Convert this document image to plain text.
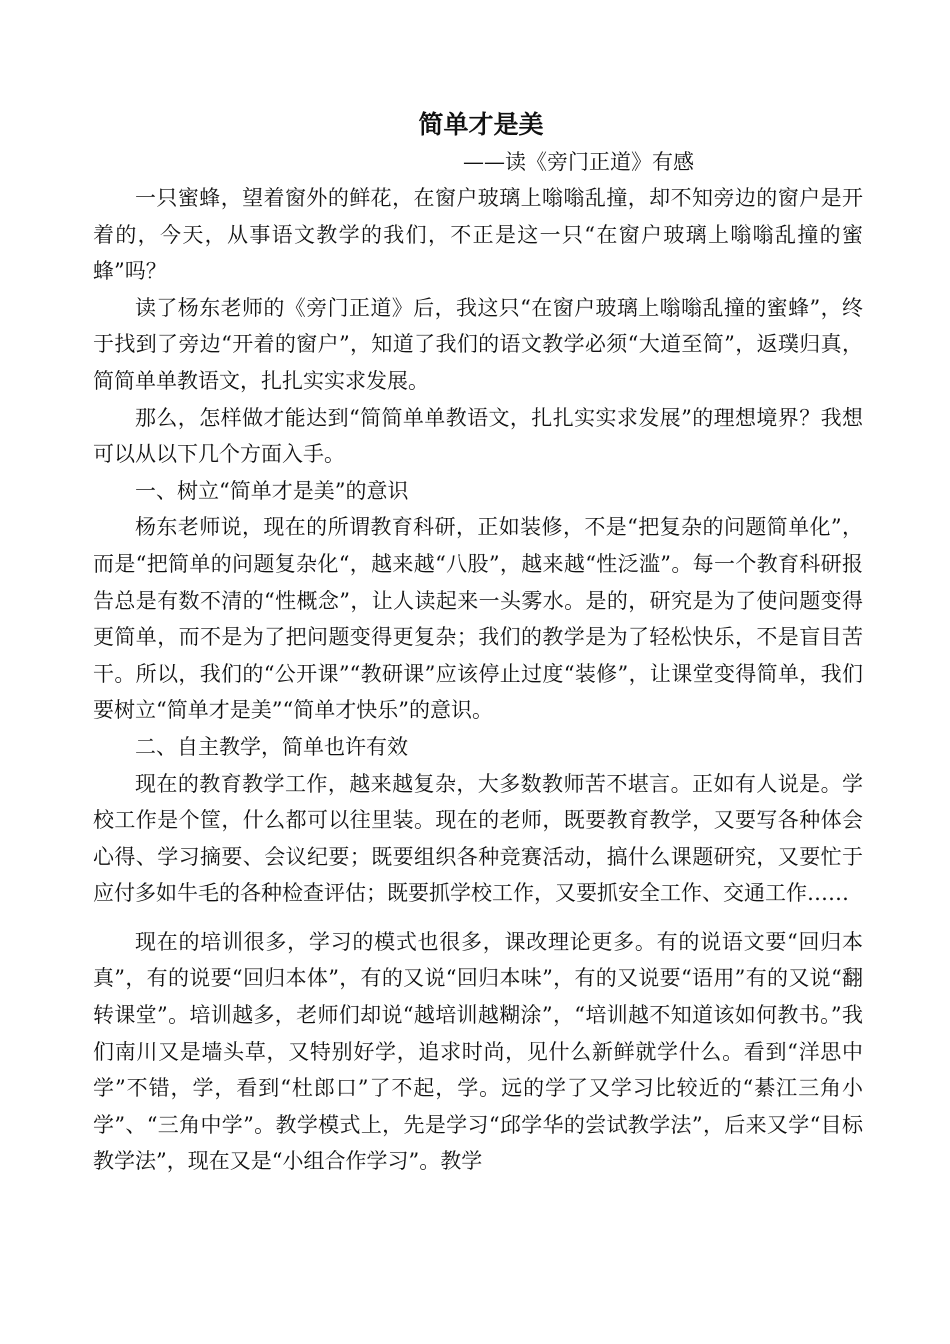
简单才是美
——读《旁门正道》有感

一只蜜蜂，望着窗外的鲜花，在窗户玻璃上嗡嗡乱撞，却不知旁边的窗户是开着的，今天，从事语文教学的我们，不正是这一只“在窗户玻璃上嗡嗡乱撞的蜜蜂”吗？

读了杨东老师的《旁门正道》后，我这只“在窗户玻璃上嗡嗡乱撞的蜜蜂”，终于找到了旁边“开着的窗户”，知道了我们的语文教学必须“大道至简”，返璞归真，简简单单教语文，扎扎实实求发展。

那么，怎样做才能达到“简简单单教语文，扎扎实实求发展”的理想境界？我想可以从以下几个方面入手。

一、树立“简单才是美”的意识

杨东老师说，现在的所谓教育科研，正如装修，不是“把复杂的问题简单化”，而是“把简单的问题复杂化“，越来越“八股”，越来越“性泛滥”。每一个教育科研报告总是有数不清的“性概念”，让人读起来一头雾水。是的，研究是为了使问题变得更简单，而不是为了把问题变得更复杂；我们的教学是为了轻松快乐，不是盲目苦干。所以，我们的“公开课”“教研课”应该停止过度“装修”，让课堂变得简单，我们要树立“简单才是美”“简单才快乐”的意识。

二、自主教学，简单也许有效

现在的教育教学工作，越来越复杂，大多数教师苦不堪言。正如有人说是。学校工作是个筐，什么都可以往里装。现在的老师，既要教育教学，又要写各种体会心得、学习摘要、会议纪要；既要组织各种竞赛活动，搞什么课题研究，又要忙于应付多如牛毛的各种检查评估；既要抓学校工作，又要抓安全工作、交通工作……

现在的培训很多，学习的模式也很多，课改理论更多。有的说语文要“回归本真”，有的说要“回归本体”，有的又说“回归本味”，有的又说要“语用”有的又说“翻转课堂”。培训越多，老师们却说“越培训越糊涂”，“培训越不知道该如何教书。”我们南川又是墙头草，又特别好学，追求时尚，见什么新鲜就学什么。看到“洋思中学”不错，学，看到“杜郎口”了不起，学。远的学了又学习比较近的“綦江三角小学”、“三角中学”。教学模式上，先是学习“邱学华的尝试教学法”，后来又学“目标教学法”，现在又是“小组合作学习”。教学
